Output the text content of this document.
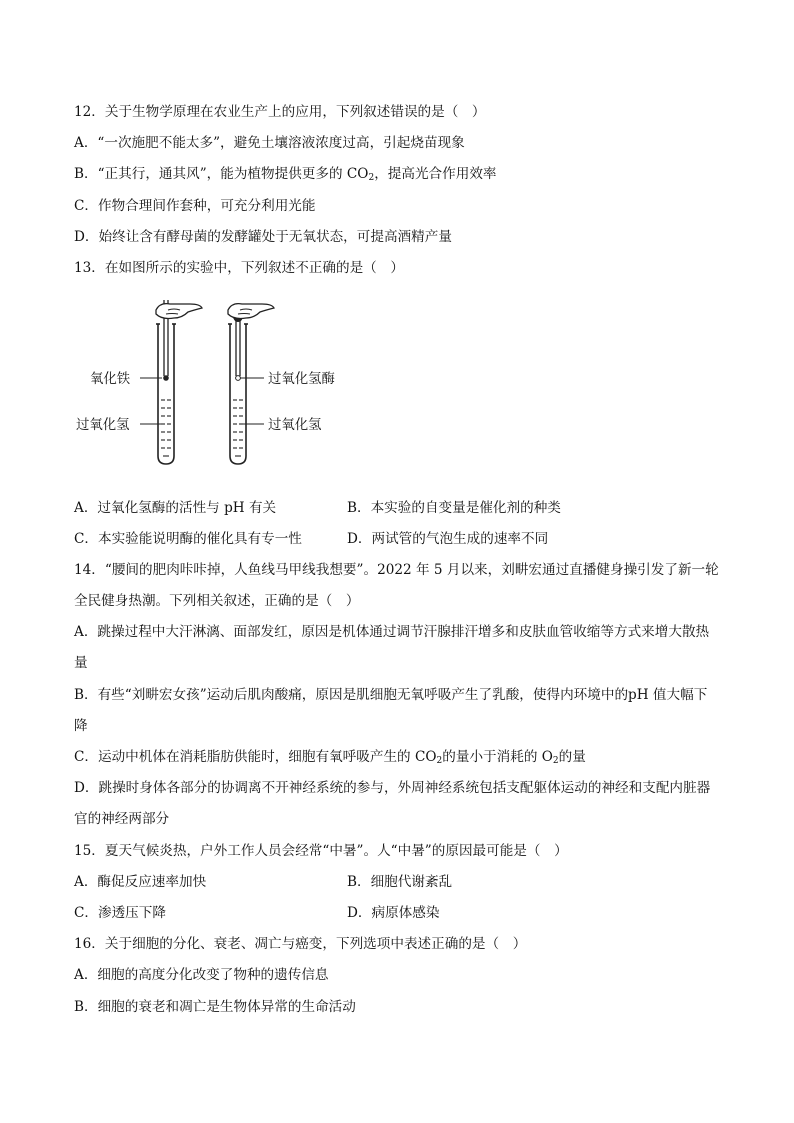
12．关于生物学原理在农业生产上的应用，下列叙述错误的是（　）
A．“一次施肥不能太多”，避免土壤溶液浓度过高，引起烧苗现象
B．“正其行，通其风”，能为植物提供更多的 $CO_2$，提高光合作用效率
C．作物合理间作套种，可充分利用光能
D．始终让含有酵母菌的发酵罐处于无氧状态，可提高酒精产量
13．在如图所示的实验中，下列叙述不正确的是（　）
氧化铁
过氧化氢
过氧化氢酶
过氧化氢
A．过氧化氢酶的活性与 pH 有关	B．本实验的自变量是催化剂的种类
C．本实验能说明酶的催化具有专一性	D．两试管的气泡生成的速率不同
14．“腰间的肥肉咔咔掉，人鱼线马甲线我想要”。2022 年 5 月以来，刘畊宏通过直播健身操引发了新一轮
全民健身热潮。下列相关叙述，正确的是（　）
A．跳操过程中大汗淋漓、面部发红，原因是机体通过调节汗腺排汗增多和皮肤血管收缩等方式来增大散热
量
B．有些“刘畊宏女孩”运动后肌肉酸痛，原因是肌细胞无氧呼吸产生了乳酸，使得内环境中的pH 值大幅下
降
C．运动中机体在消耗脂肪供能时，细胞有氧呼吸产生的 $CO_2$的量小于消耗的 $O_2$的量
D．跳操时身体各部分的协调离不开神经系统的参与，外周神经系统包括支配躯体运动的神经和支配内脏器
官的神经两部分
15．夏天气候炎热，户外工作人员会经常“中暑”。人“中暑”的原因最可能是（　）
A．酶促反应速率加快	B．细胞代谢紊乱
C．渗透压下降	D．病原体感染
16．关于细胞的分化、衰老、凋亡与癌变，下列选项中表述正确的是（　）
A．细胞的高度分化改变了物种的遗传信息
B．细胞的衰老和凋亡是生物体异常的生命活动
